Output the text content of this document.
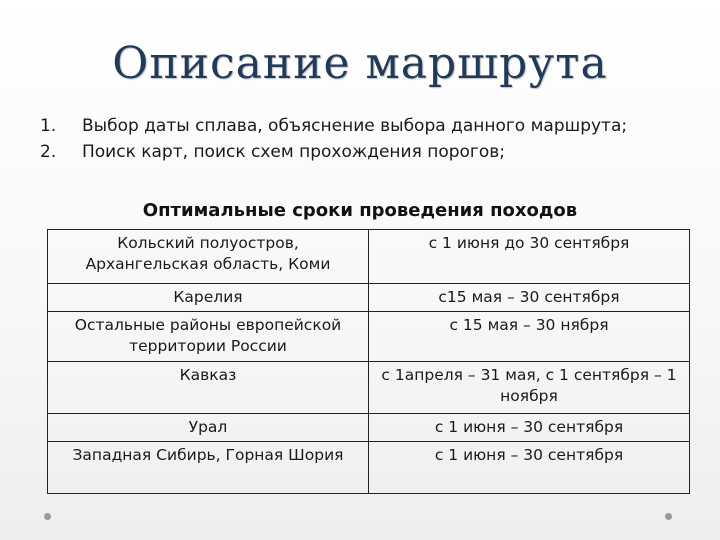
Описание маршрута
1. Выбор даты сплава, объяснение выбора данного маршрута;
2. Поиск карт, поиск схем прохождения порогов;
Оптимальные сроки проведения походов
Кольский полуостров, Архангельская область, Коми	с 1 июня до 30 сентября
Карелия	с15 мая – 30 сентября
Остальные районы европейской территории России	с 15 мая – 30 нября
Кавказ	с 1апреля – 31 мая, с 1 сентября – 1 ноября
Урал	с 1 июня – 30 сентября
Западная Сибирь, Горная Шория	с 1 июня – 30 сентября
